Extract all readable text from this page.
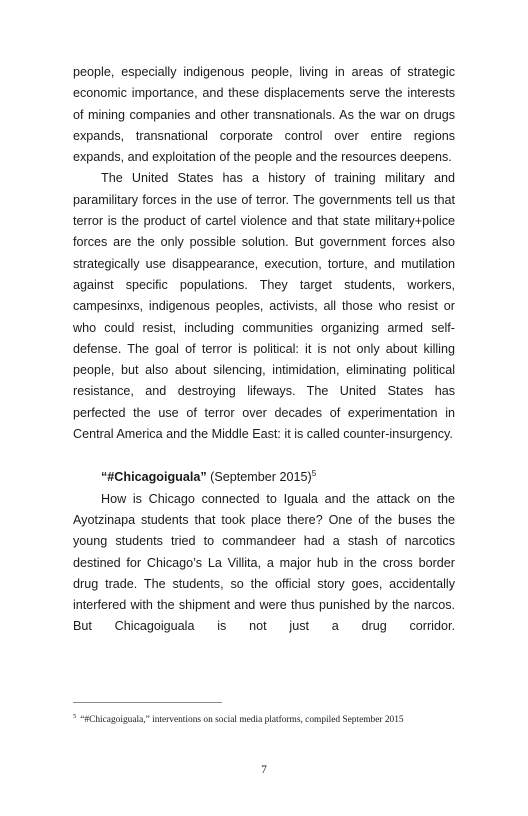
people, especially indigenous people, living in areas of strategic economic importance, and these displacements serve the interests of mining companies and other transnationals. As the war on drugs expands, transnational corporate control over entire regions expands, and exploitation of the people and the resources deepens.

The United States has a history of training military and paramilitary forces in the use of terror. The governments tell us that terror is the product of cartel violence and that state military+police forces are the only possible solution. But government forces also strategically use disappearance, execution, torture, and mutilation against specific populations. They target students, workers, campesinxs, indigenous peoples, activists, all those who resist or who could resist, including communities organizing armed self-defense. The goal of terror is political: it is not only about killing people, but also about silencing, intimidation, eliminating political resistance, and destroying lifeways. The United States has perfected the use of terror over decades of experimentation in Central America and the Middle East: it is called counter-insurgency.

“#Chicagoiguala” (September 2015)$^5$

How is Chicago connected to Iguala and the attack on the Ayotzinapa students that took place there? One of the buses the young students tried to commandeer had a stash of narcotics destined for Chicago’s La Villita, a major hub in the cross border drug trade. The students, so the official story goes, accidentally interfered with the shipment and were thus punished by the narcos. But Chicagoiguala is not just a drug corridor.

$^5$ “#Chicagoiguala,” interventions on social media platforms, compiled September 2015
7
